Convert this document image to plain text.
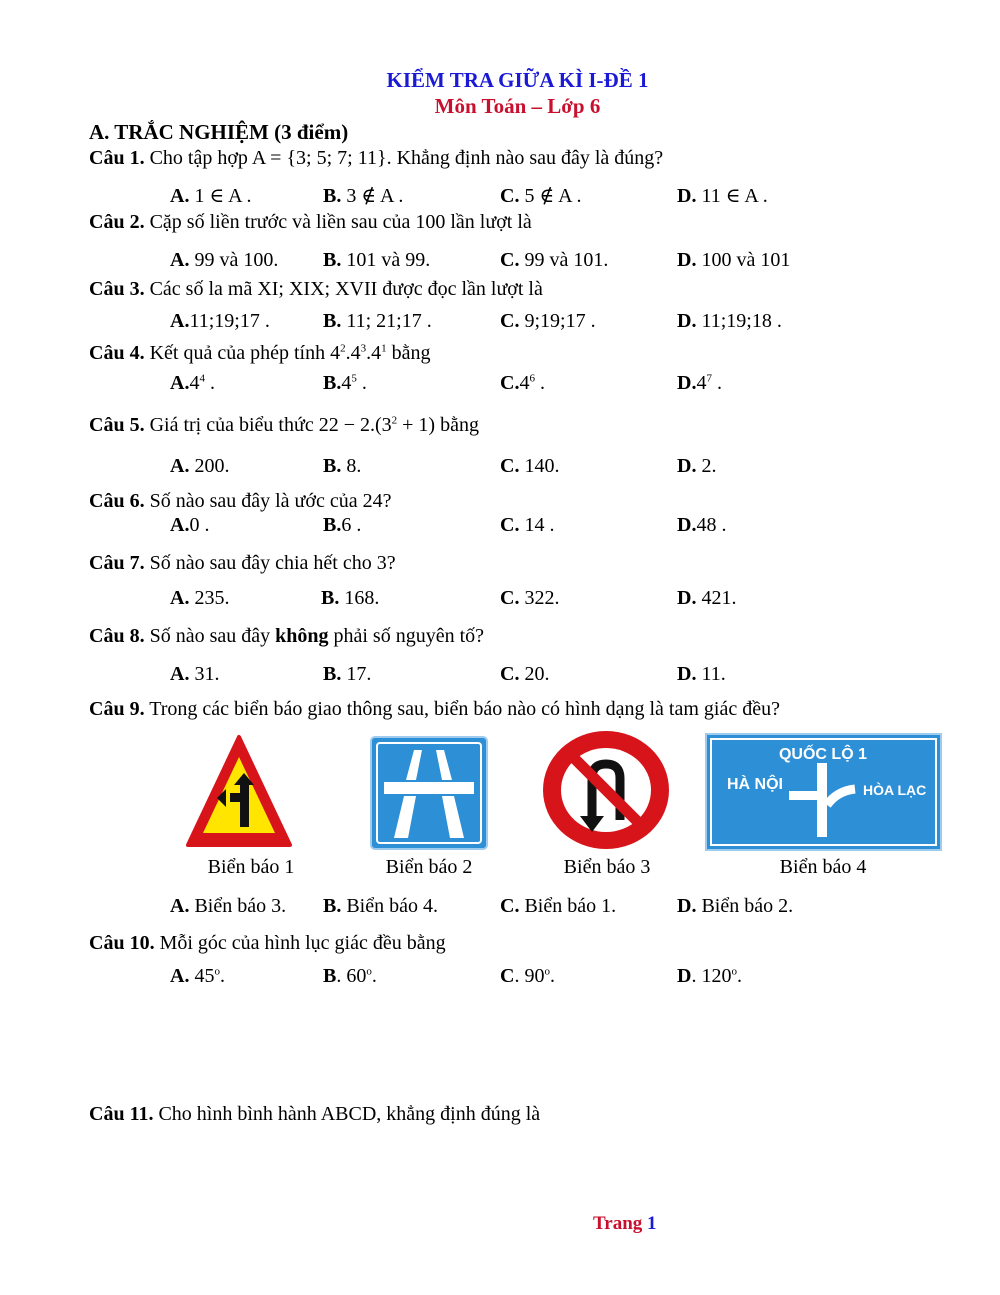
KIỂM TRA GIỮA KÌ I-ĐỀ 1
Môn Toán – Lớp 6
A. TRẮC NGHIỆM (3 điểm)
Câu 1. Cho tập hợp A = {3; 5; 7; 11}. Khẳng định nào sau đây là đúng?
A. 1 ∈ A .	B. 3 ∉ A .	C. 5 ∉ A .	D. 11 ∈ A .
Câu 2. Cặp số liền trước và liền sau của 100 lần lượt là
A. 99 và 100. B. 101 và 99.	C. 99 và 101.	D. 100 và 101
Câu 3. Các số la mã XI; XIX; XVII được đọc lần lượt là
A.11;19;17 .	B. 11; 21;17 .	C. 9;19;17 .	D. 11;19;18 .
Câu 4. Kết quả của phép tính $4^2.4^3.4^1$ bằng
$A.4^4$ .	$B.4^5$ .	$C.4^6$ .	$D.4^7$ .
Câu 5. Giá trị của biểu thức $22 - 2.(3^2 + 1)$ bằng
A. 200.	B. 8.	C. 140.	D. 2.
Câu 6. Số nào sau đây là ước của 24?
A.0 .	B.6 .	C. 14 .	D.48 .
Câu 7. Số nào sau đây chia hết cho 3?
A. 235.	B. 168.	C. 322.	D. 421.
Câu 8. Số nào sau đây không phải số nguyên tố?
A. 31.	B. 17.	C. 20.	D. 11.
Câu 9. Trong các biển báo giao thông sau, biển báo nào có hình dạng là tam giác đều?
QUỐC LỘ 1
HÀ NỘI	HÒA LẠC
Biển báo 1	Biển báo 2	Biển báo 3	Biển báo 4
A. Biển báo 3. B. Biển báo 4.	C. Biển báo 1.	D. Biển báo 2.
Câu 10. Mỗi góc của hình lục giác đều bằng
A. 45$^o$.	B. 60$^o$.	C. 90$^o$.	D. 120$^o$.
Câu 11. Cho hình bình hành ABCD, khẳng định đúng là
Trang 1
